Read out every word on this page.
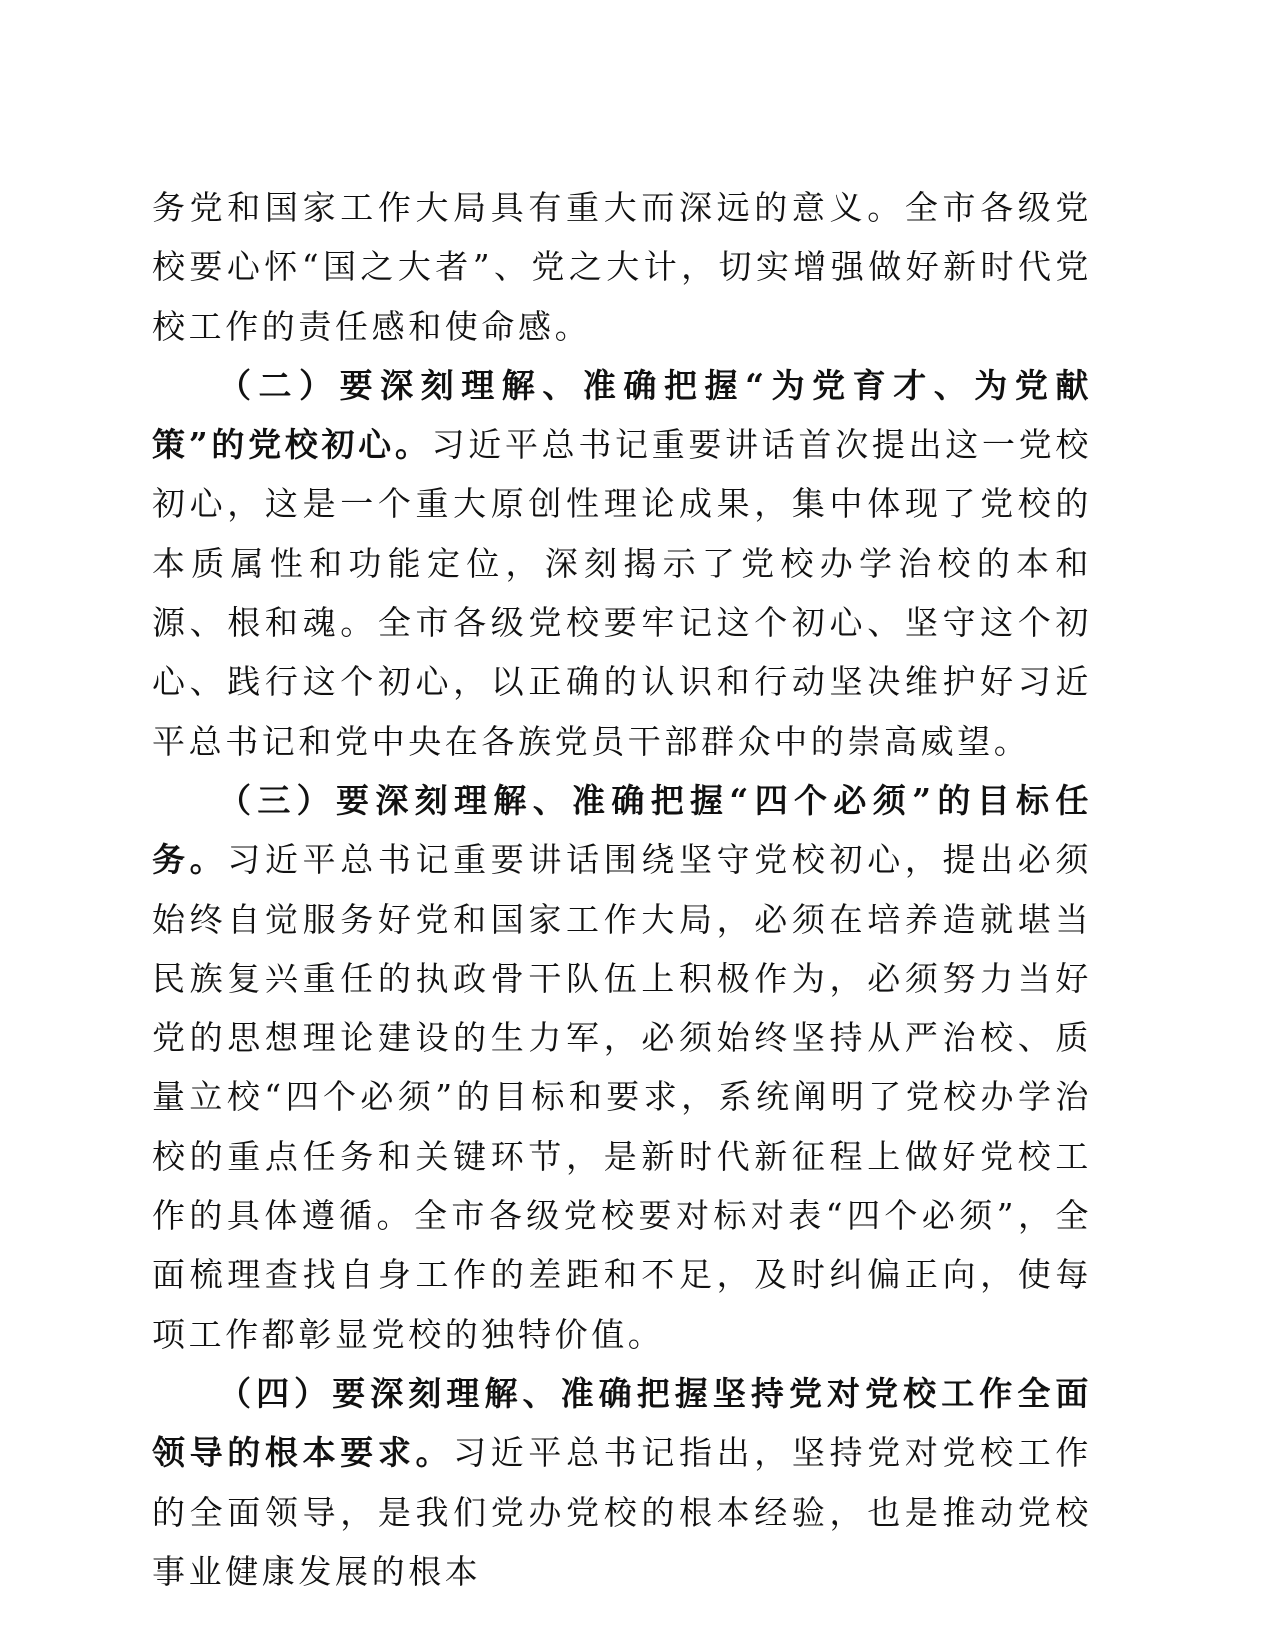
务党和国家工作大局具有重大而深远的意义。全市各级党校要心怀“国之大者”、党之大计，切实增强做好新时代党校工作的责任感和使命感。

（二）要深刻理解、准确把握“为党育才、为党献策”的党校初心。习近平总书记重要讲话首次提出这一党校初心，这是一个重大原创性理论成果，集中体现了党校的本质属性和功能定位，深刻揭示了党校办学治校的本和源、根和魂。全市各级党校要牢记这个初心、坚守这个初心、践行这个初心，以正确的认识和行动坚决维护好习近平总书记和党中央在各族党员干部群众中的崇高威望。

（三）要深刻理解、准确把握“四个必须”的目标任务。习近平总书记重要讲话围绕坚守党校初心，提出必须始终自觉服务好党和国家工作大局，必须在培养造就堪当民族复兴重任的执政骨干队伍上积极作为，必须努力当好党的思想理论建设的生力军，必须始终坚持从严治校、质量立校“四个必须”的目标和要求，系统阐明了党校办学治校的重点任务和关键环节，是新时代新征程上做好党校工作的具体遵循。全市各级党校要对标对表“四个必须”，全面梳理查找自身工作的差距和不足，及时纠偏正向，使每项工作都彰显党校的独特价值。

（四）要深刻理解、准确把握坚持党对党校工作全面领导的根本要求。习近平总书记指出，坚持党对党校工作的全面领导，是我们党办党校的根本经验，也是推动党校事业健康发展的根本
